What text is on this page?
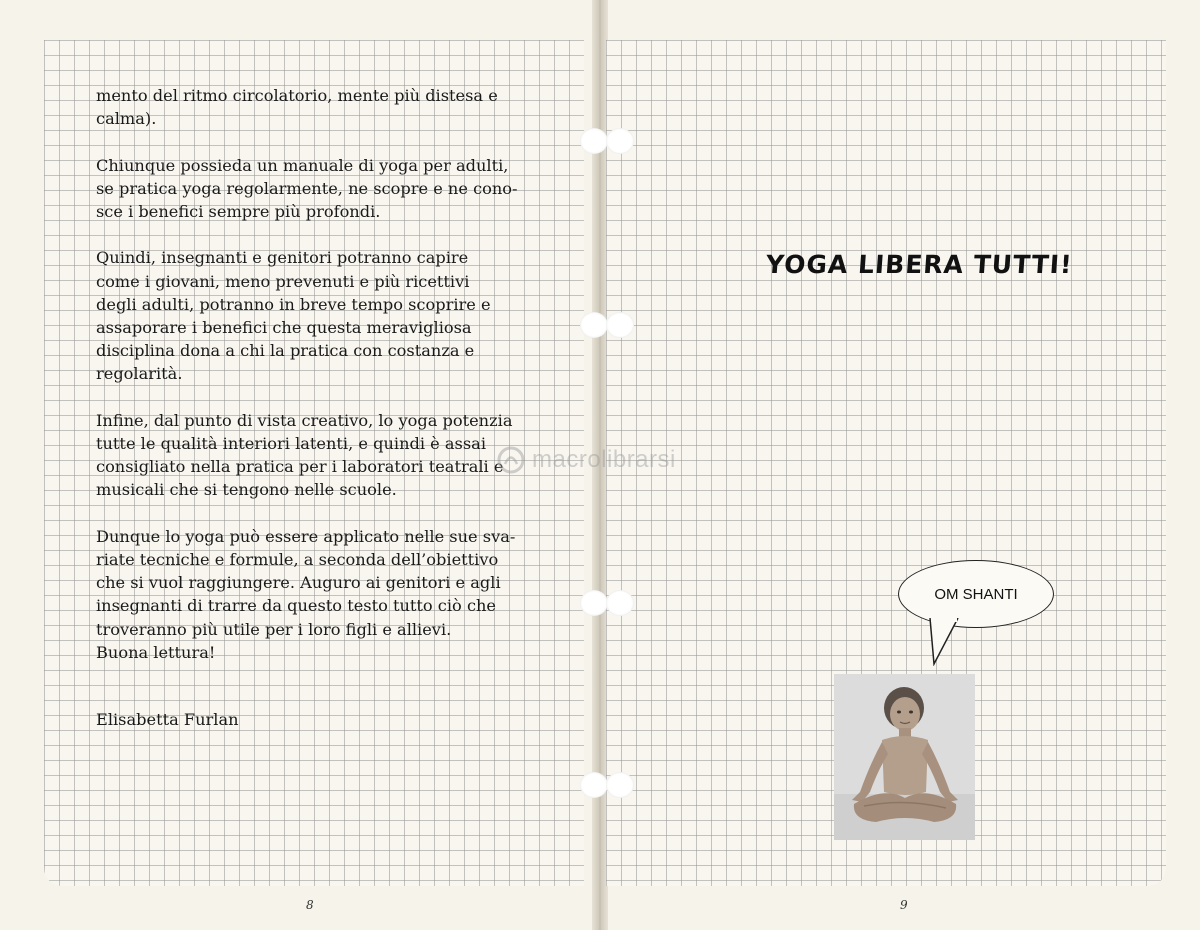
mento del ritmo circolatorio, mente più distesa e
calma).

Chiunque possieda un manuale di yoga per adulti,
se pratica yoga regolarmente, ne scopre e ne cono-
sce i benefici sempre più profondi.

Quindi, insegnanti e genitori potranno capire
come i giovani, meno prevenuti e più ricettivi
degli adulti, potranno in breve tempo scoprire e
assaporare i benefici che questa meravigliosa
disciplina dona a chi la pratica con costanza e
regolarità.

Infine, dal punto di vista creativo, lo yoga potenzia
tutte le qualità interiori latenti, e quindi è assai
consigliato nella pratica per i laboratori teatrali e
musicali che si tengono nelle scuole.

Dunque lo yoga può essere applicato nelle sue sva-
riate tecniche e formule, a seconda dell’obiettivo
che si vuol raggiungere. Auguro ai genitori e agli
insegnanti di trarre da questo testo tutto ciò che
troveranno più utile per i loro figli e allievi.
Buona lettura!

Elisabetta Furlan
macrolibrarsi
YOGA LIBERA TUTTI!
OM SHANTI
8	9
